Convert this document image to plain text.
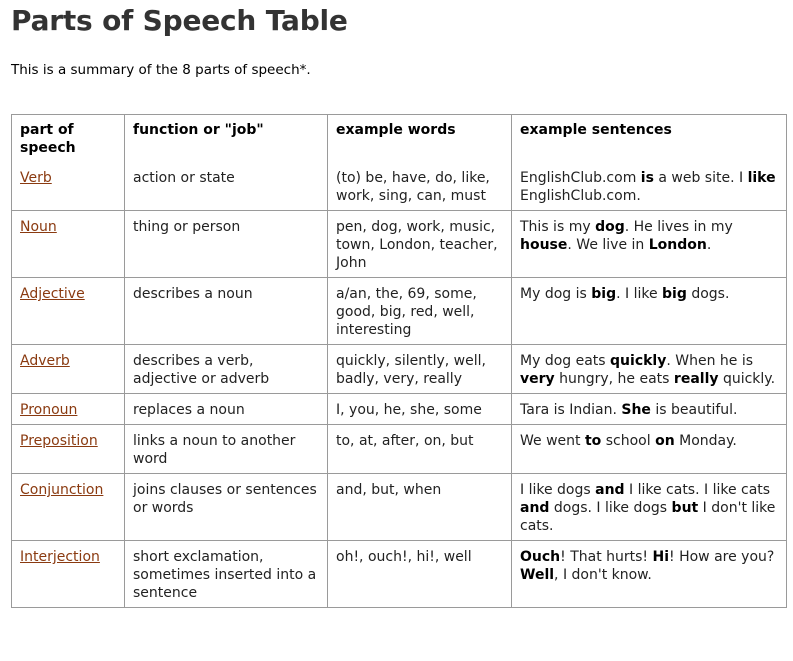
Parts of Speech Table

This is a summary of the 8 parts of speech*.

part of speech	function or "job"	example words	example sentences
Verb	action or state	(to) be, have, do, like, work, sing, can, must	EnglishClub.com is a web site. I like EnglishClub.com.
Noun	thing or person	pen, dog, work, music, town, London, teacher, John	This is my dog. He lives in my house. We live in London.
Adjective	describes a noun	a/an, the, 69, some, good, big, red, well, interesting	My dog is big. I like big dogs.
Adverb	describes a verb, adjective or adverb	quickly, silently, well, badly, very, really	My dog eats quickly. When he is very hungry, he eats really quickly.
Pronoun	replaces a noun	I, you, he, she, some	Tara is Indian. She is beautiful.
Preposition	links a noun to another word	to, at, after, on, but	We went to school on Monday.
Conjunction	joins clauses or sentences or words	and, but, when	I like dogs and I like cats. I like cats and dogs. I like dogs but I don't like cats.
Interjection	short exclamation, sometimes inserted into a sentence	oh!, ouch!, hi!, well	Ouch! That hurts! Hi! How are you? Well, I don't know.
